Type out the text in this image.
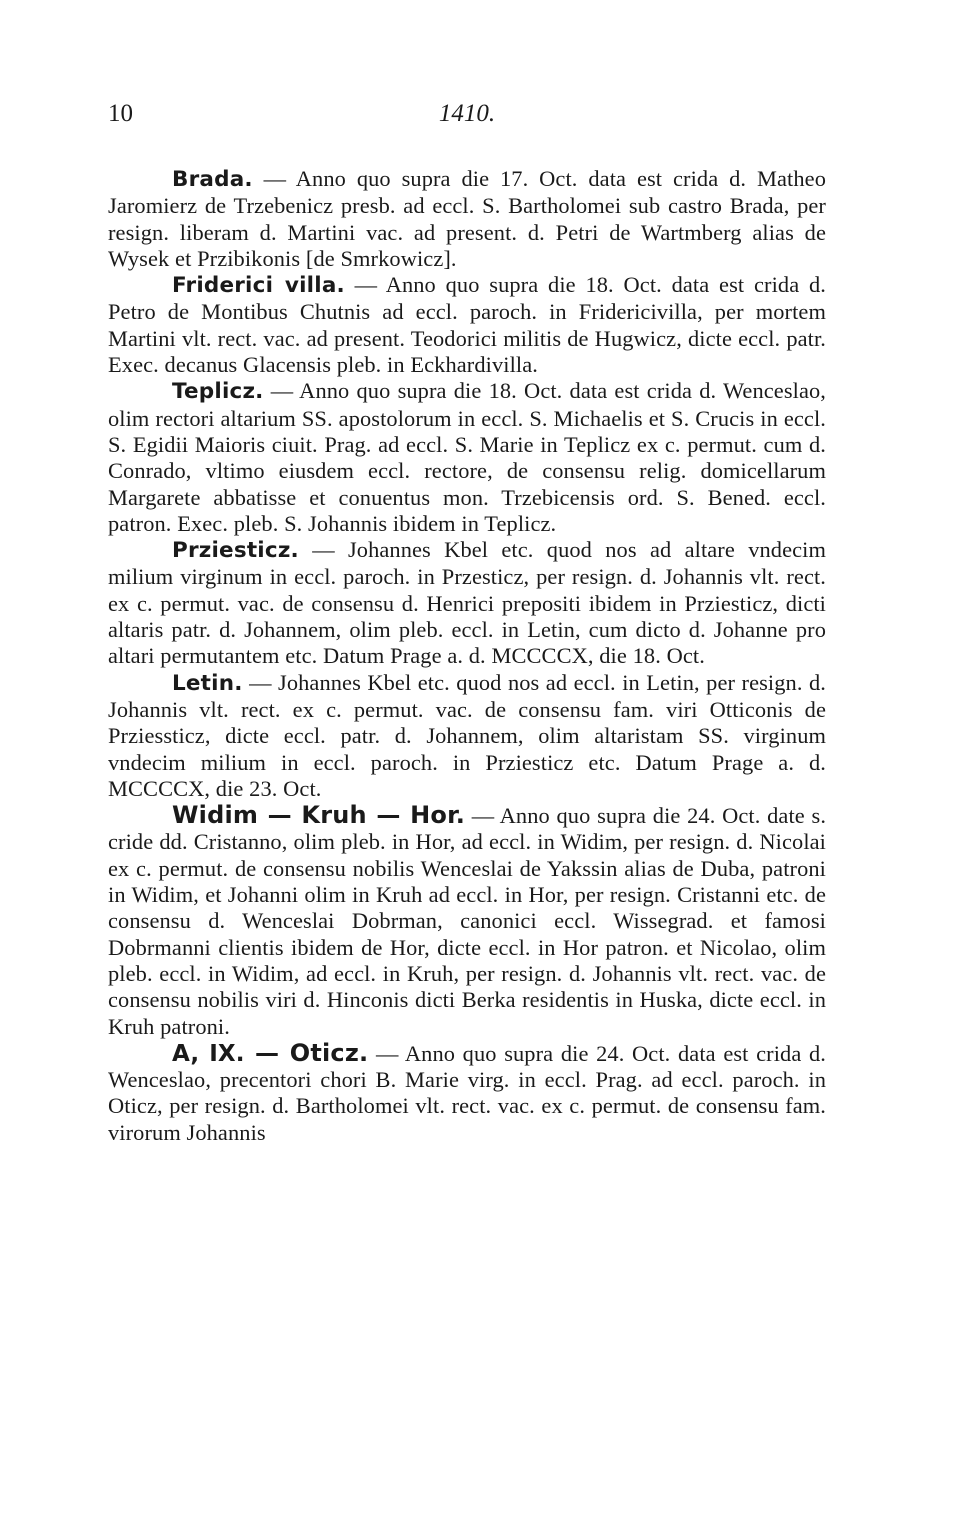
10	1410.

Brada. — Anno quo supra die 17. Oct. data est crida d. Matheo Jaromierz de Trzebenicz presb. ad eccl. S. Bartholomei sub castro Brada, per resign. liberam d. Martini vac. ad present. d. Petri de Wartmberg alias de Wysek et Przibikonis [de Smrkowicz].

Friderici villa. — Anno quo supra die 18. Oct. data est crida d. Petro de Montibus Chutnis ad eccl. paroch. in Fridericivilla, per mortem Martini vlt. rect. vac. ad present. Teodorici militis de Hugwicz, dicte eccl. patr. Exec. decanus Glacensis pleb. in Eckhardivilla.

Teplicz. — Anno quo supra die 18. Oct. data est crida d. Wenceslao, olim rectori altarium SS. apostolorum in eccl. S. Michaelis et S. Crucis in eccl. S. Egidii Maioris ciuit. Prag. ad eccl. S. Marie in Teplicz ex c. permut. cum d. Conrado, vltimo eiusdem eccl. rectore, de consensu relig. domicellarum Margarete abbatisse et conuentus mon. Trzebicensis ord. S. Bened. eccl. patron. Exec. pleb. S. Johannis ibidem in Teplicz.

Prziesticz. — Johannes Kbel etc. quod nos ad altare vndecim milium virginum in eccl. paroch. in Przesticz, per resign. d. Johannis vlt. rect. ex c. permut. vac. de consensu d. Henrici prepositi ibidem in Prziesticz, dicti altaris patr. d. Johannem, olim pleb. eccl. in Letin, cum dicto d. Johanne pro altari permutantem etc. Datum Prage a. d. MCCCCX, die 18. Oct.

Letin. — Johannes Kbel etc. quod nos ad eccl. in Letin, per resign. d. Johannis vlt. rect. ex c. permut. vac. de consensu fam. viri Otticonis de Prziessticz, dicte eccl. patr. d. Johannem, olim altaristam SS. virginum vndecim milium in eccl. paroch. in Prziesticz etc. Datum Prage a. d. MCCCCX, die 23. Oct.

Widim — Kruh — Hor. — Anno quo supra die 24. Oct. date s. cride dd. Cristanno, olim pleb. in Hor, ad eccl. in Widim, per resign. d. Nicolai ex c. permut. de consensu nobilis Wenceslai de Yakssin alias de Duba, patroni in Widim, et Johanni olim in Kruh ad eccl. in Hor, per resign. Cristanni etc. de consensu d. Wenceslai Dobrman, canonici eccl. Wissegrad. et famosi Dobrmanni clientis ibidem de Hor, dicte eccl. in Hor patron. et Nicolao, olim pleb. eccl. in Widim, ad eccl. in Kruh, per resign. d. Johannis vlt. rect. vac. de consensu nobilis viri d. Hinconis dicti Berka residentis in Huska, dicte eccl. in Kruh patroni.

A, IX. — Oticz. — Anno quo supra die 24. Oct. data est crida d. Wenceslao, precentori chori B. Marie virg. in eccl. Prag. ad eccl. paroch. in Oticz, per resign. d. Bartholomei vlt. rect. vac. ex c. permut. de consensu fam. virorum Johannis
